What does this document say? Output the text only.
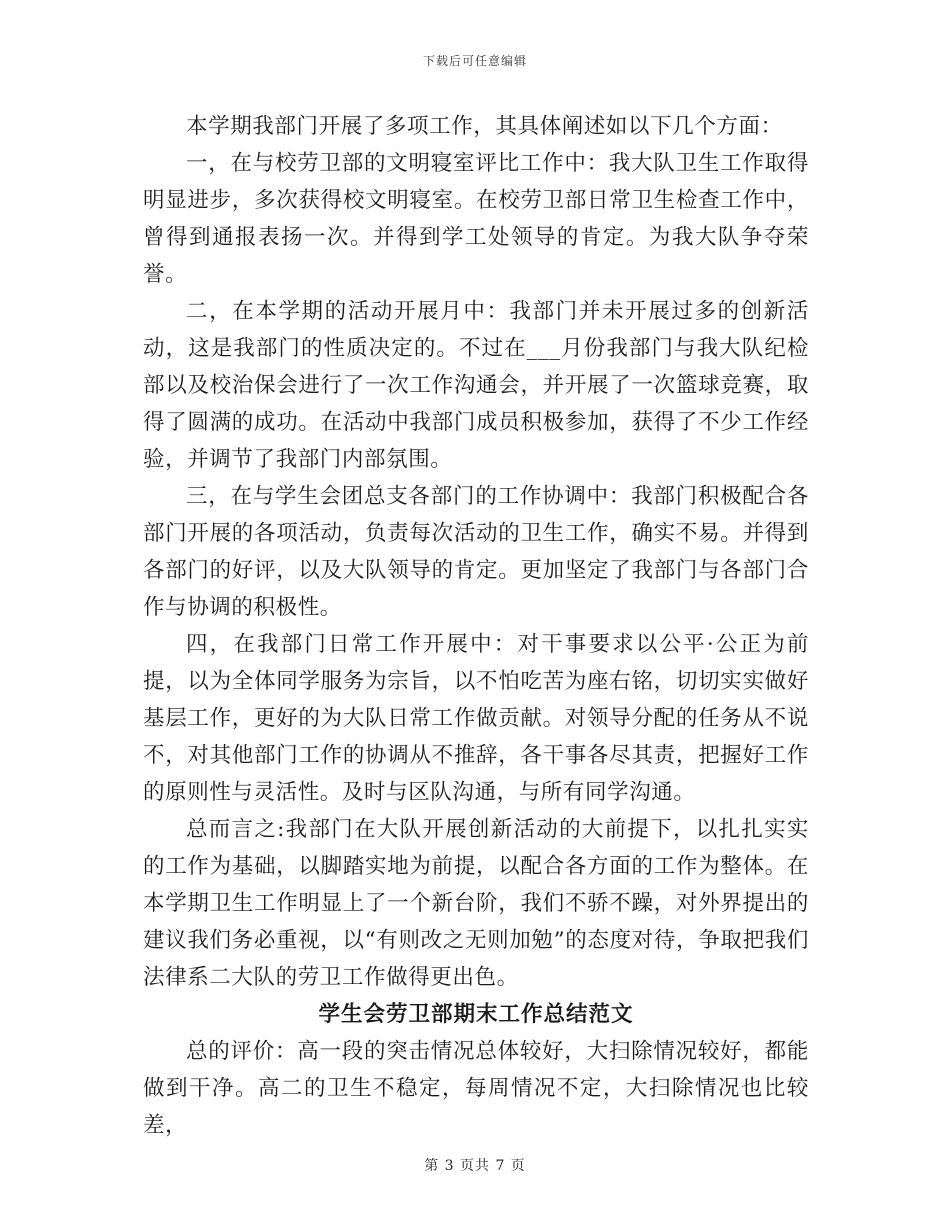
下载后可任意编辑

本学期我部门开展了多项工作，其具体阐述如以下几个方面：

一，在与校劳卫部的文明寝室评比工作中：我大队卫生工作取得明显进步，多次获得校文明寝室。在校劳卫部日常卫生检查工作中，曾得到通报表扬一次。并得到学工处领导的肯定。为我大队争夺荣誉。

二，在本学期的活动开展月中：我部门并未开展过多的创新活动，这是我部门的性质决定的。不过在___月份我部门与我大队纪检部以及校治保会进行了一次工作沟通会，并开展了一次篮球竞赛，取得了圆满的成功。在活动中我部门成员积极参加，获得了不少工作经验，并调节了我部门内部氛围。

三，在与学生会团总支各部门的工作协调中：我部门积极配合各部门开展的各项活动，负责每次活动的卫生工作，确实不易。并得到各部门的好评，以及大队领导的肯定。更加坚定了我部门与各部门合作与协调的积极性。

四，在我部门日常工作开展中：对干事要求以公平·公正为前提，以为全体同学服务为宗旨，以不怕吃苦为座右铭，切切实实做好基层工作，更好的为大队日常工作做贡献。对领导分配的任务从不说不，对其他部门工作的协调从不推辞，各干事各尽其责，把握好工作的原则性与灵活性。及时与区队沟通，与所有同学沟通。

总而言之:我部门在大队开展创新活动的大前提下，以扎扎实实的工作为基础，以脚踏实地为前提，以配合各方面的工作为整体。在本学期卫生工作明显上了一个新台阶，我们不骄不躁，对外界提出的建议我们务必重视，以“有则改之无则加勉”的态度对待，争取把我们法律系二大队的劳卫工作做得更出色。

学生会劳卫部期末工作总结范文

总的评价：高一段的突击情况总体较好，大扫除情况较好，都能做到干净。高二的卫生不稳定，每周情况不定，大扫除情况也比较差，

第 3 页共 7 页
